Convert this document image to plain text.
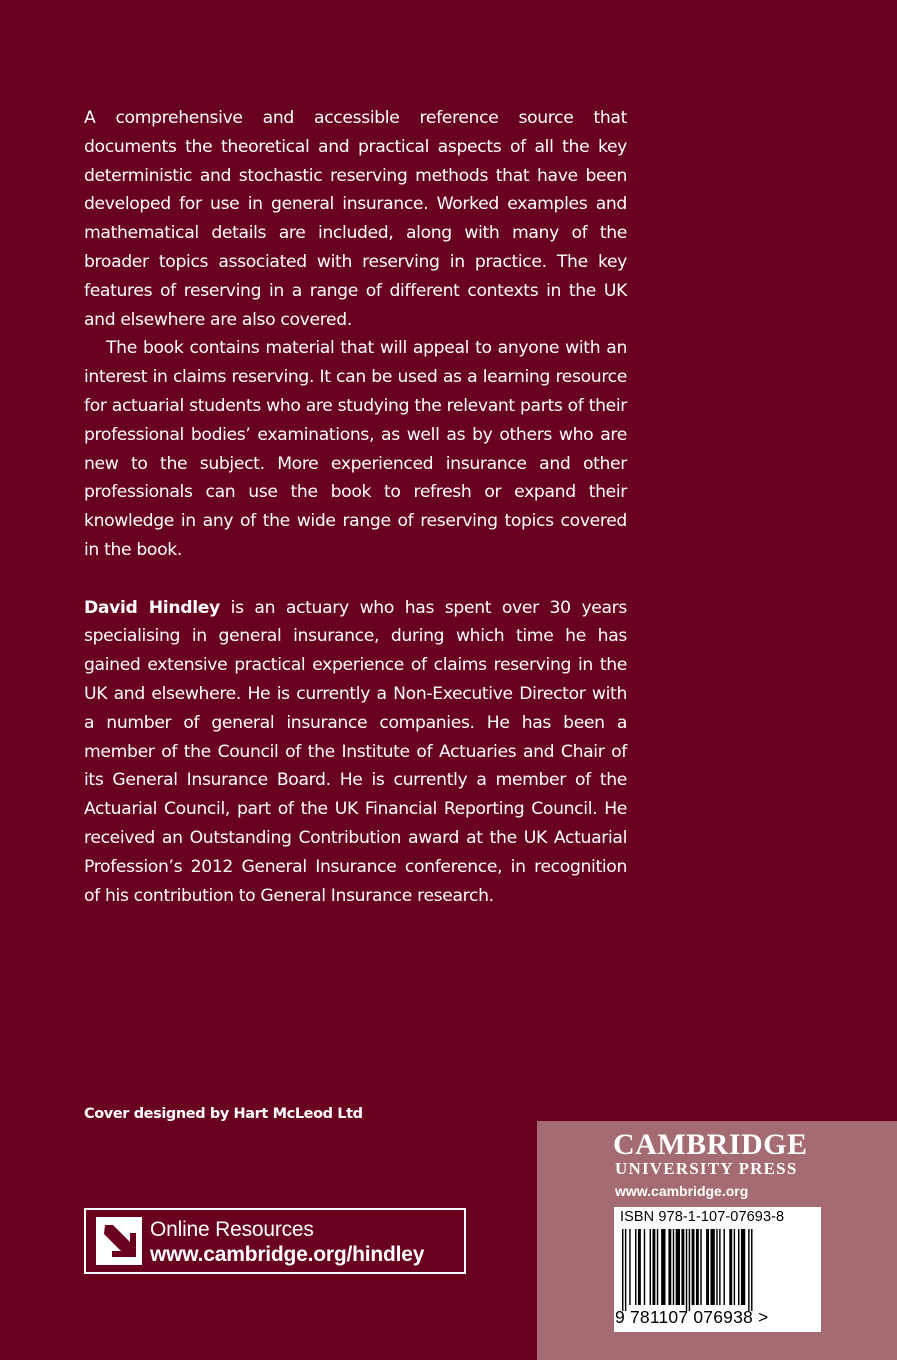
A comprehensive and accessible reference source that documents the theoretical and practical aspects of all the key deterministic and stochastic reserving methods that have been developed for use in general insurance. Worked examples and mathematical details are included, along with many of the broader topics associated with reserving in practice. The key features of reserving in a range of different contexts in the UK and elsewhere are also covered.

The book contains material that will appeal to anyone with an interest in claims reserving. It can be used as a learning resource for actuarial students who are studying the relevant parts of their professional bodies’ examinations, as well as by others who are new to the subject. More experienced insurance and other professionals can use the book to refresh or expand their knowledge in any of the wide range of reserving topics covered in the book.

David Hindley is an actuary who has spent over 30 years specialising in general insurance, during which time he has gained extensive practical experience of claims reserving in the UK and elsewhere. He is currently a Non-Executive Director with a number of general insurance companies. He has been a member of the Council of the Institute of Actuaries and Chair of its General Insurance Board. He is currently a member of the Actuarial Council, part of the UK Financial Reporting Council. He received an Outstanding Contribution award at the UK Actuarial Profession’s 2012 General Insurance conference, in recognition of his contribution to General Insurance research.

Cover designed by Hart McLeod Ltd
Online Resources
www.cambridge.org/hindley
CAMBRIDGE
UNIVERSITY PRESS
www.cambridge.org
ISBN 978-1-107-07693-8
9 781107 076938 >
